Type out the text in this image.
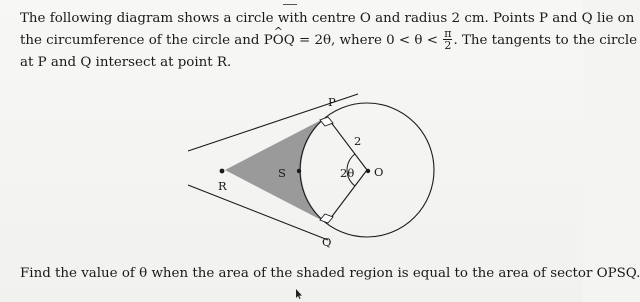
The following diagram shows a circle with centre O and radius 2 cm. Points P and Q lie on
the circumference of the circle and P^ OQ = 2θ, where $0 < \theta < \frac{\pi}{2}$ . The tangents to the circle
at P and Q intersect at point R.
P
Q
R
S	O
2
2θ
Find the value of θ when the area of the shaded region is equal to the area of sector OPSQ.
